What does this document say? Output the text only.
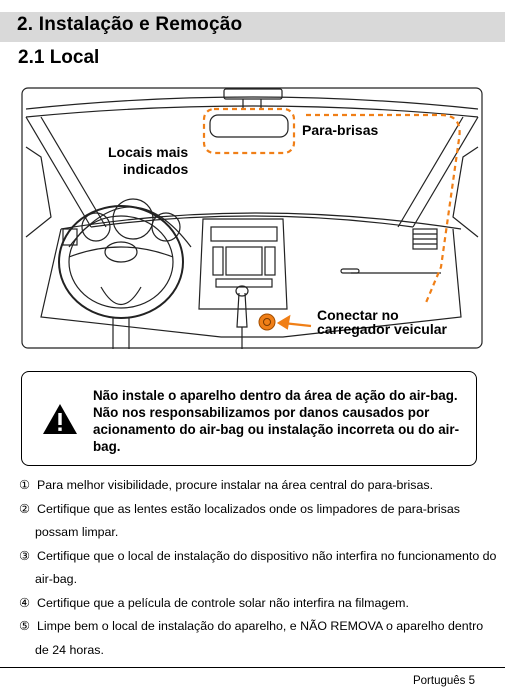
2. Instalação e Remoção
2.1 Local
Para-brisas
Locais mais
indicados
Conectar no
carregador veicular
Não instale o aparelho dentro da área de ação do air-bag. Não nos responsabilizamos por danos causados por acionamento do air-bag ou instalação incorreta ou do air-bag.
① Para melhor visibilidade, procure instalar na área central do para-brisas.
② Certifique que as lentes estão localizados onde os limpadores de para-brisas possam limpar.
③ Certifique que o local de instalação do dispositivo não interfira no funcionamento do air-bag.
④ Certifique que a película de controle solar não interfira na filmagem.
⑤ Limpe bem o local de instalação do aparelho, e NÃO REMOVA o aparelho dentro de 24 horas.
Português 5
